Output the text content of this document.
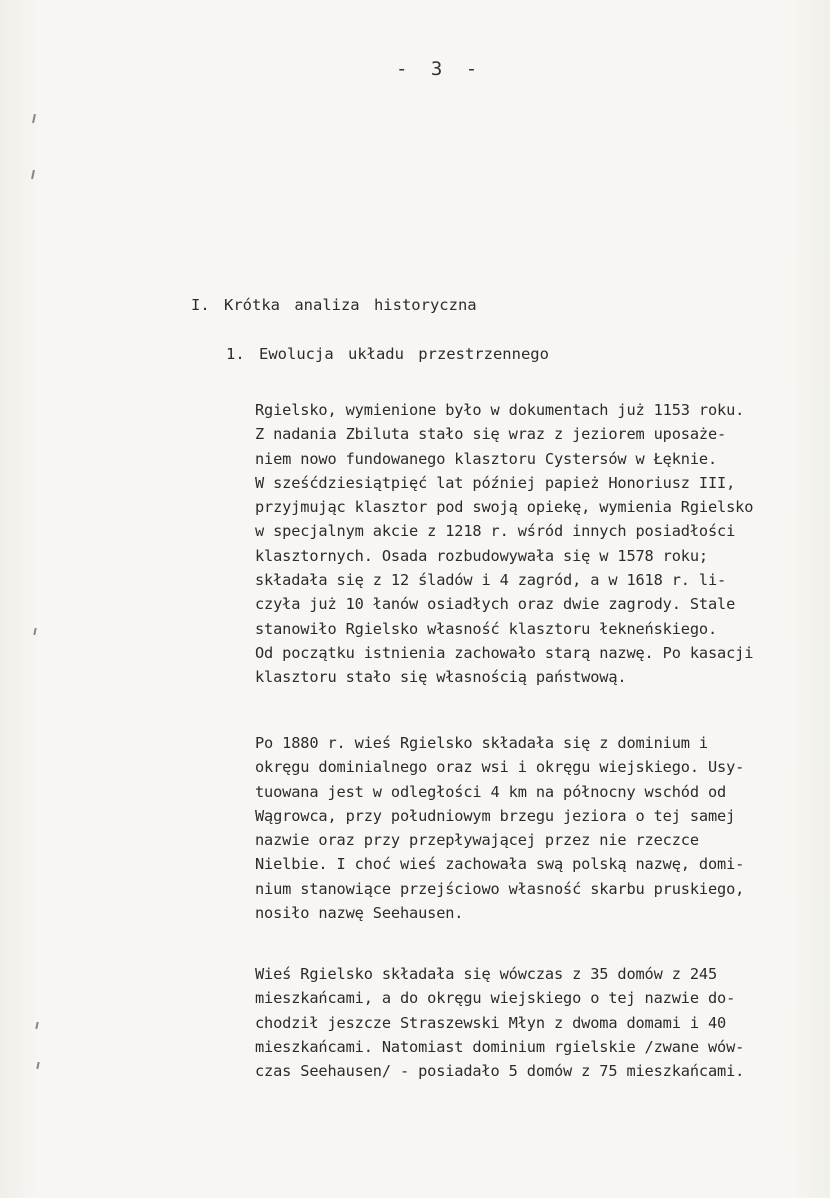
- 3 -
I. Krótka analiza historyczna
1. Ewolucja układu przestrzennego

Rgielsko, wymienione było w dokumentach już 1153 roku.
Z nadania Zbiluta stało się wraz z jeziorem uposaże-
niem nowo fundowanego klasztoru Cystersów w Łęknie.
W sześćdziesiątpięć lat później papież Honoriusz III,
przyjmując klasztor pod swoją opiekę, wymienia Rgielsko
w specjalnym akcie z 1218 r. wśród innych posiadłości
klasztornych. Osada rozbudowywała się w 1578 roku;
składała się z 12 śladów i 4 zagród, a w 1618 r. li-
czyła już 10 łanów osiadłych oraz dwie zagrody. Stale
stanowiło Rgielsko własność klasztoru łekneńskiego.
Od początku istnienia zachowało starą nazwę. Po kasacji
klasztoru stało się własnością państwową.

Po 1880 r. wieś Rgielsko składała się z dominium i
okręgu dominialnego oraz wsi i okręgu wiejskiego. Usy-
tuowana jest w odległości 4 km na północny wschód od
Wągrowca, przy południowym brzegu jeziora o tej samej
nazwie oraz przy przepływającej przez nie rzeczce
Nielbie. I choć wieś zachowała swą polską nazwę, domi-
nium stanowiące przejściowo własność skarbu pruskiego,
nosiło nazwę Seehausen.

Wieś Rgielsko składała się wówczas z 35 domów z 245
mieszkańcami, a do okręgu wiejskiego o tej nazwie do-
chodził jeszcze Straszewski Młyn z dwoma domami i 40
mieszkańcami. Natomiast dominium rgielskie /zwane wów-
czas Seehausen/ - posiadało 5 domów z 75 mieszkańcami.
